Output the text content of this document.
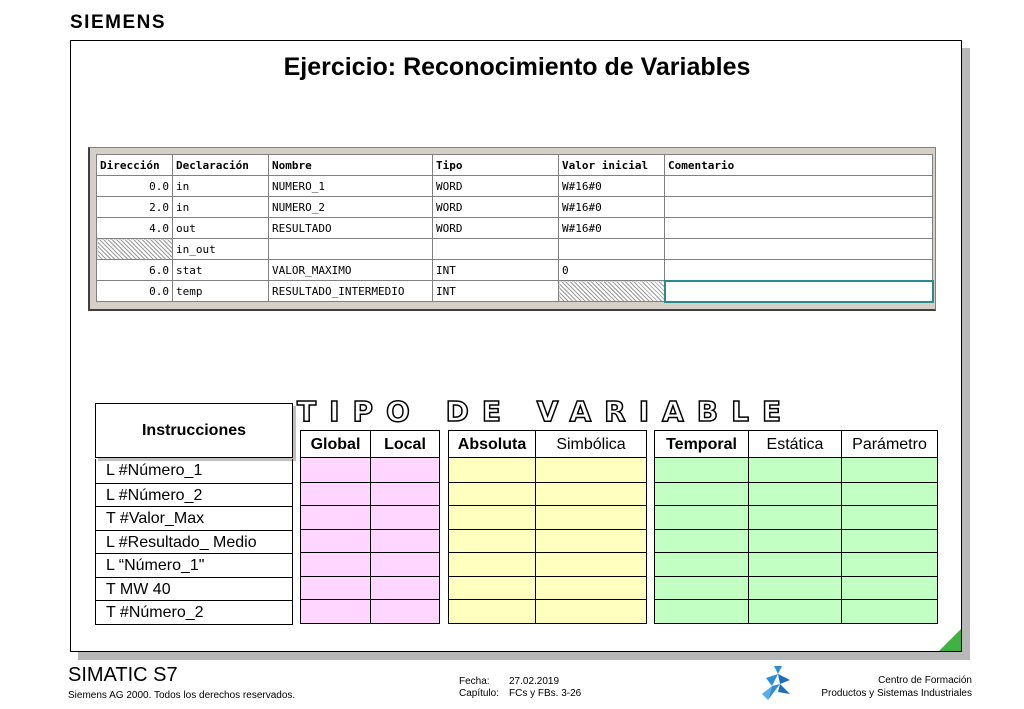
SIEMENS
Ejercicio: Reconocimiento de Variables
Dirección	Declaración	Nombre	Tipo	Valor inicial	Comentario
0.0	in	NUMERO_1	WORD	W#16#0	
2.0	in	NUMERO_2	WORD	W#16#0	
4.0	out	RESULTADO	WORD	W#16#0	
	in_out				
6.0	stat	VALOR_MAXIMO	INT	0	
0.0	temp	RESULTADO_INTERMEDIO	INT		
TIPO DE VARIABLE
Instrucciones
L #Número_1
L #Número_2
T #Valor_Max
L #Resultado_ Medio
L “Número_1"
T MW 40
T #Número_2
Global	Local	Absoluta	Simbólica	Temporal	Estática	Parámetro
SIMATIC S7
Siemens AG 2000. Todos los derechos reservados.
Fecha:	27.02.2019
Capítulo: FCs y FBs. 3-26
Centro de Formación
Productos y Sistemas Industriales
